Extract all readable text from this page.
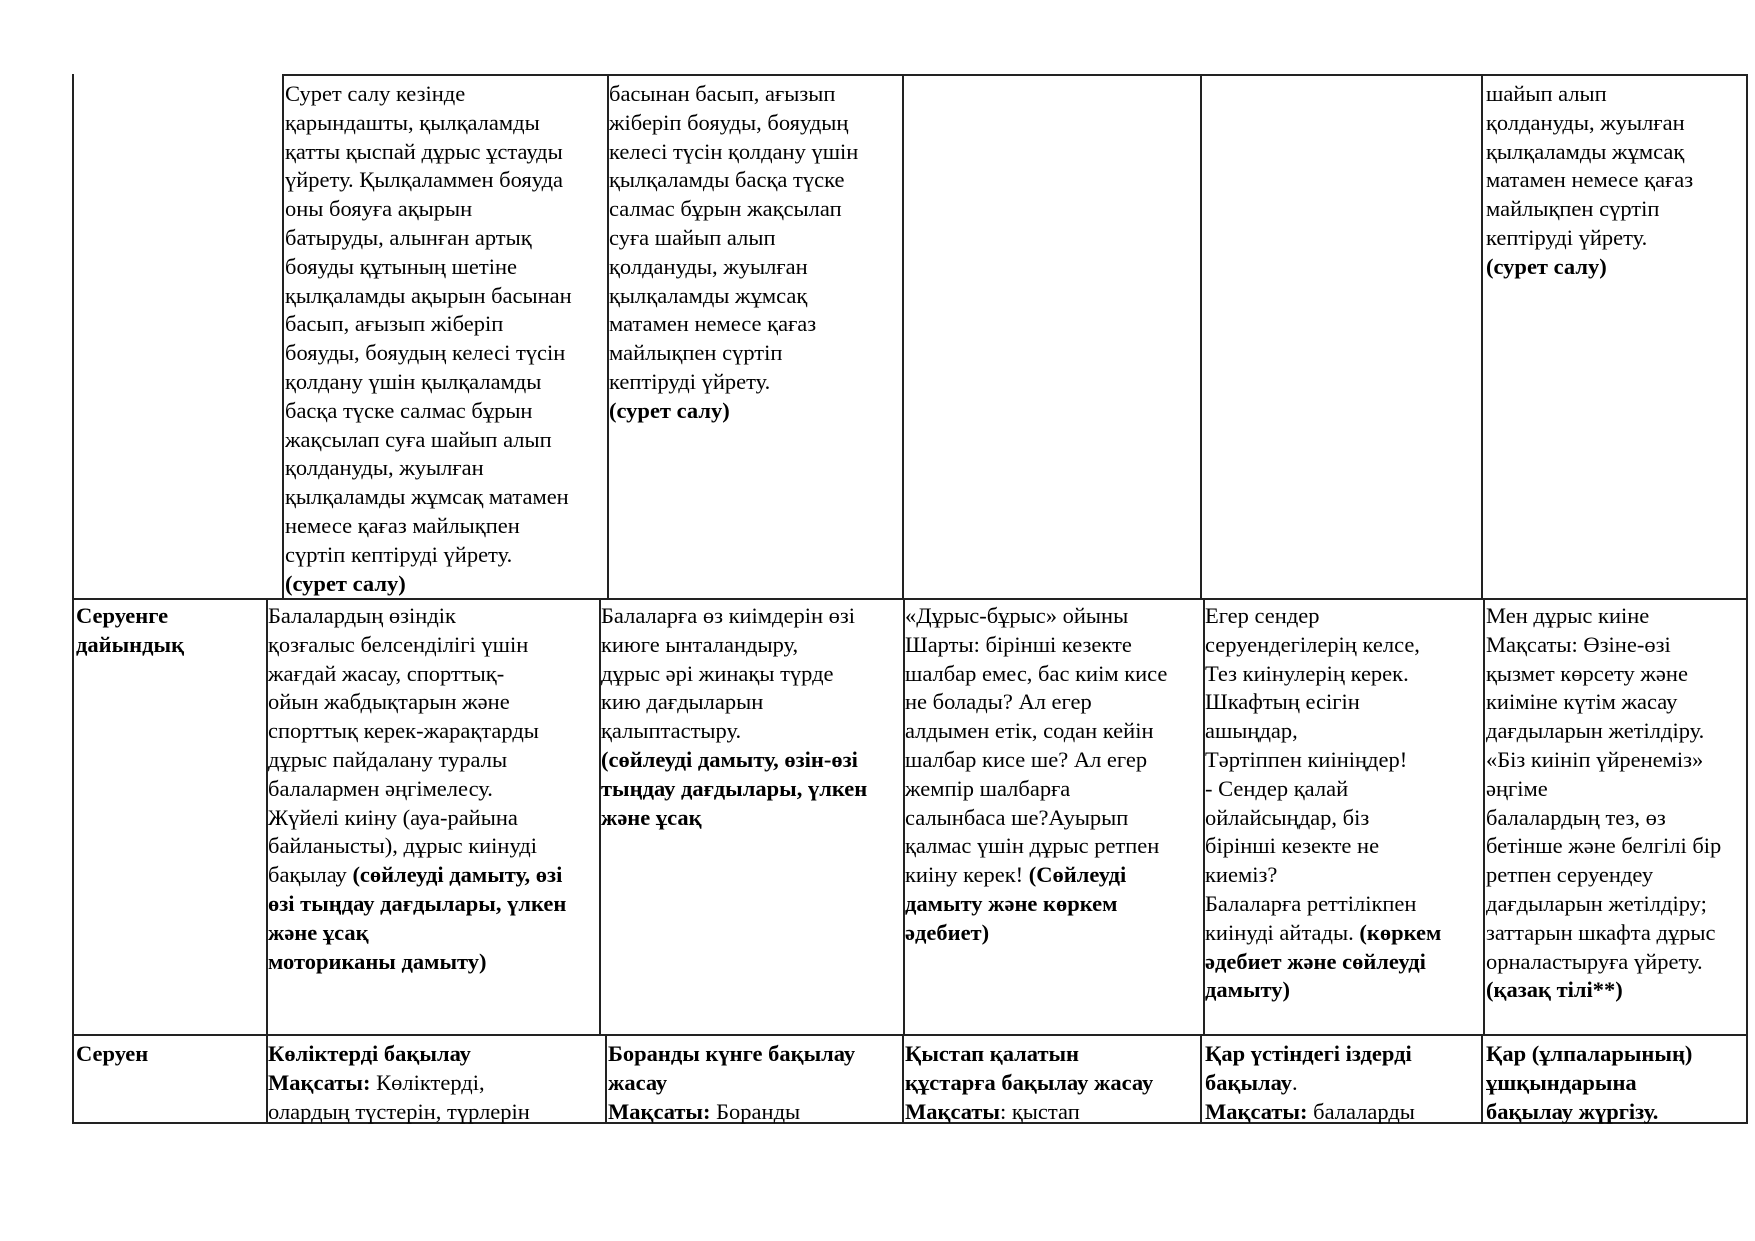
Сурет салу кезінде
қарындашты, қылқаламды
қатты қыспай дұрыс ұстауды
үйрету. Қылқаламмен бояуда
оны бояуға ақырын
батыруды, алынған артық
бояуды құтының шетіне
қылқаламды ақырын басынан
басып, ағызып жіберіп
бояуды, бояудың келесі түсін
қолдану үшін қылқаламды
басқа түске салмас бұрын
жақсылап суға шайып алып
қолдануды, жуылған
қылқаламды жұмсақ матамен
немесе қағаз майлықпен
сүртіп кептіруді үйрету.
(сурет салу)
басынан басып, ағызып
жіберіп бояуды, бояудың
келесі түсін қолдану үшін
қылқаламды басқа түске
салмас бұрын жақсылап
суға шайып алып
қолдануды, жуылған
қылқаламды жұмсақ
матамен немесе қағаз
майлықпен сүртіп
кептіруді үйрету.
(сурет салу)
шайып алып
қолдануды, жуылған
қылқаламды жұмсақ
матамен немесе қағаз
майлықпен сүртіп
кептіруді үйрету.
(сурет салу)
Серуенге
дайындық
Балалардың өзіндік
қозғалыс белсенділігі үшін
жағдай жасау, спорттық-
ойын жабдықтарын және
спорттық керек-жарақтарды
дұрыс пайдалану туралы
балалармен әңгімелесу.
Жүйелі киіну (ауа-райына
байланысты), дұрыс киінуді
бақылау (сөйлеуді дамыту, өзі
өзі тыңдау дағдылары, үлкен
және ұсақ
моториканы дамыту)
Балаларға өз киімдерін өзі
киюге ынталандыру,
дұрыс әрі жинақы түрде
кию дағдыларын
қалыптастыру.
(сөйлеуді дамыту, өзін-өзі
тыңдау дағдылары, үлкен
және ұсақ
«Дұрыс-бұрыс» ойыны
Шарты: бірінші кезекте
шалбар емес, бас киім кисе
не болады? Ал егер
алдымен етік, содан кейін
шалбар кисе ше? Ал егер
жемпір шалбарға
салынбаса ше?Ауырып
қалмас үшін дұрыс ретпен
киіну керек! (Сөйлеуді
дамыту және көркем
әдебиет)
Егер сендер
серуендегілерің келсе,
Тез киінулерің керек.
Шкафтың есігін
ашыңдар,
Тәртіппен киініңдер!
- Сендер қалай
ойлайсыңдар, біз
бірінші кезекте не
киеміз?
Балаларға реттілікпен
киінуді айтады. (көркем
әдебиет және сөйлеуді
дамыту)
Мен дұрыс киіне
Мақсаты: Өзіне-өзі
қызмет көрсету және
киіміне күтім жасау
дағдыларын жетілдіру.
«Біз киініп үйренеміз»
әңгіме
балалардың тез, өз
бетінше және белгілі бір
ретпен серуендеу
дағдыларын жетілдіру;
заттарын шкафта дұрыс
орналастыруға үйрету.
(қазақ тілі**)
Серуен	Көліктерді бақылау
Мақсаты: Көліктерді,
олардың түстерін, түрлерін
Боранды күнге бақылау
жасау
Мақсаты: Боранды
Қыстап қалатын
құстарға бақылау жасау
Мақсаты: қыстап
Қар үстіндегі іздерді
бақылау.
Мақсаты: балаларды
Қар (ұлпаларының)
ұшқындарына
бақылау жүргізу.
